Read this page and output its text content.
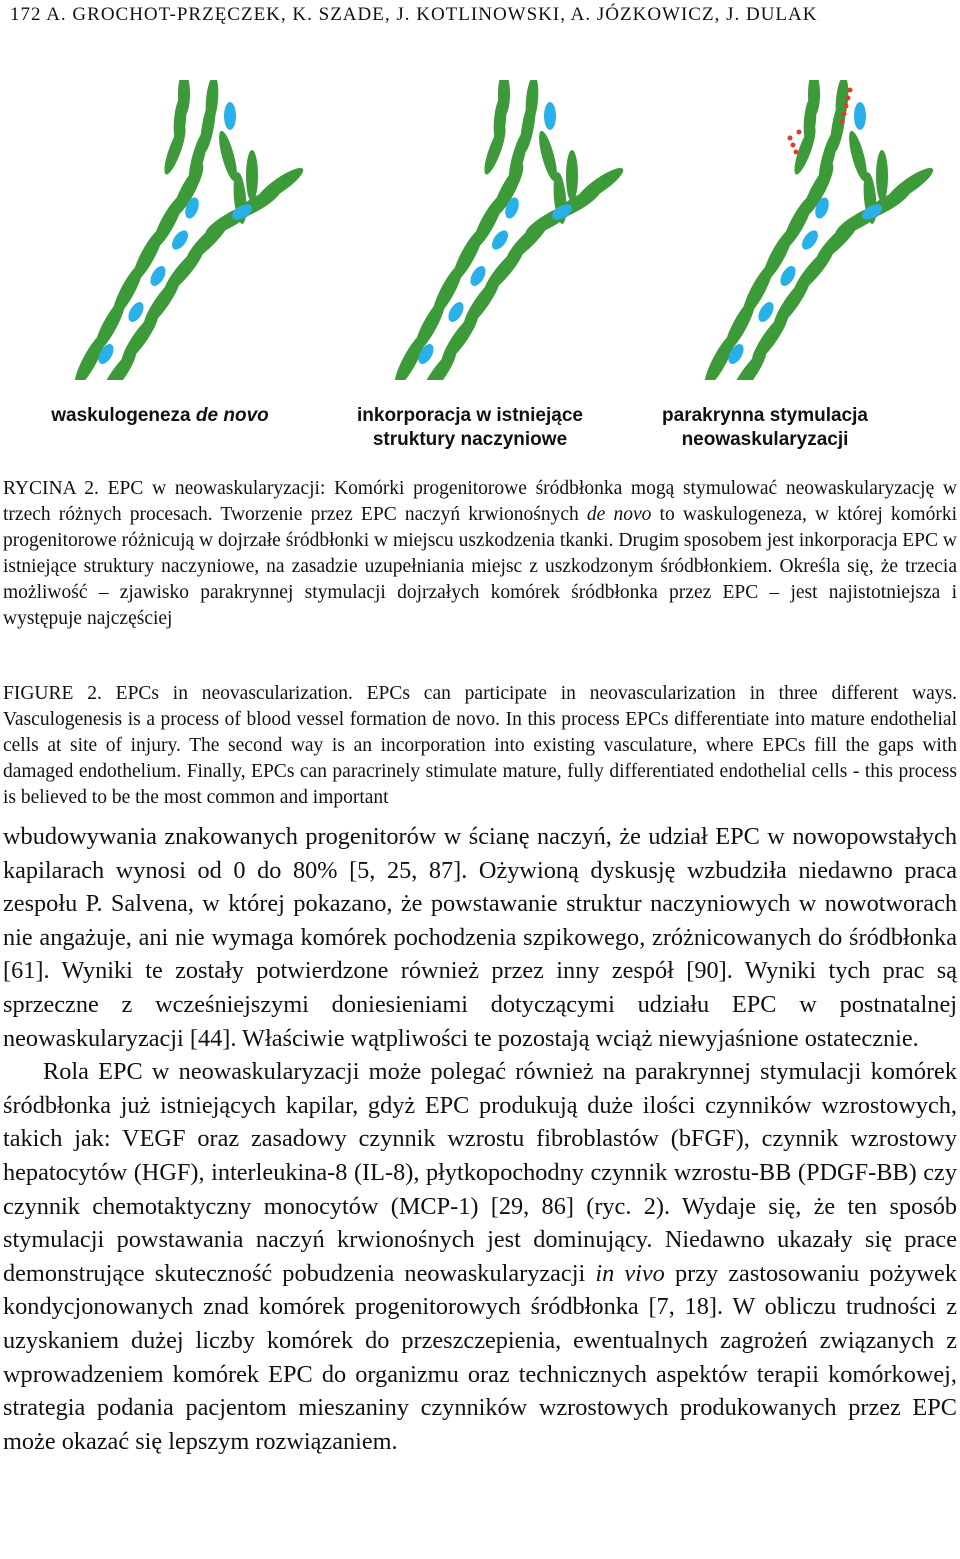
172 A. GROCHOT-PRZĘCZEK, K. SZADE, J. KOTLINOWSKI, A. JÓZKOWICZ, J. DULAK
waskulogeneza de novo	inkorporacja w istniejące
struktury naczyniowe
parakrynna stymulacja
neowaskularyzacji

RYCINA 2. EPC w neowaskularyzacji: Komórki progenitorowe śródbłonka mogą stymulować neowaskularyzację w trzech różnych procesach. Tworzenie przez EPC naczyń krwionośnych de novo to waskulogeneza, w której komórki progenitorowe różnicują w dojrzałe śródbłonki w miejscu uszkodzenia tkanki. Drugim sposobem jest inkorporacja EPC w istniejące struktury naczyniowe, na zasadzie uzupełniania miejsc z uszkodzonym śródbłonkiem. Określa się, że trzecia możliwość – zjawisko parakrynnej stymulacji dojrzałych komórek śródbłonka przez EPC – jest najistotniejsza i występuje najczęściej

FIGURE 2. EPCs in neovascularization. EPCs can participate in neovascularization in three different ways. Vasculogenesis is a process of blood vessel formation de novo. In this process EPCs differentiate into mature endothelial cells at site of injury. The second way is an incorporation into existing vasculature, where EPCs fill the gaps with damaged endothelium. Finally, EPCs can paracrinely stimulate mature, fully differentiated endothelial cells - this process is believed to be the most common and important

wbudowywania znakowanych progenitorów w ścianę naczyń, że udział EPC w nowopowstałych kapilarach wynosi od 0 do 80% [5, 25, 87]. Ożywioną dyskusję wzbudziła niedawno praca zespołu P. Salvena, w której pokazano, że powstawanie struktur naczyniowych w nowotworach nie angażuje, ani nie wymaga komórek pochodzenia szpikowego, zróżnicowanych do śródbłonka [61]. Wyniki te zostały potwierdzone również przez inny zespół [90]. Wyniki tych prac są sprzeczne z wcześniejszymi doniesieniami dotyczącymi udziału EPC w postnatalnej neowaskularyzacji [44]. Właściwie wątpliwości te pozostają wciąż niewyjaśnione ostatecznie.

Rola EPC w neowaskularyzacji może polegać również na parakrynnej stymulacji komórek śródbłonka już istniejących kapilar, gdyż EPC produkują duże ilości czynników wzrostowych, takich jak: VEGF oraz zasadowy czynnik wzrostu fibroblastów (bFGF), czynnik wzrostowy hepatocytów (HGF), interleukina-8 (IL-8), płytkopochodny czynnik wzrostu-BB (PDGF-BB) czy czynnik chemotaktyczny monocytów (MCP-1) [29, 86] (ryc. 2). Wydaje się, że ten sposób stymulacji powstawania naczyń krwionośnych jest dominujący. Niedawno ukazały się prace demonstrujące skuteczność pobudzenia neowaskularyzacji in vivo przy zastosowaniu pożywek kondycjonowanych znad komórek progenitorowych śródbłonka [7, 18]. W obliczu trudności z uzyskaniem dużej liczby komórek do przeszczepienia, ewentualnych zagrożeń związanych z wprowadzeniem komórek EPC do organizmu oraz technicznych aspektów terapii komórkowej, strategia podania pacjentom mieszaniny czynników wzrostowych produkowanych przez EPC może okazać się lepszym rozwiązaniem.
